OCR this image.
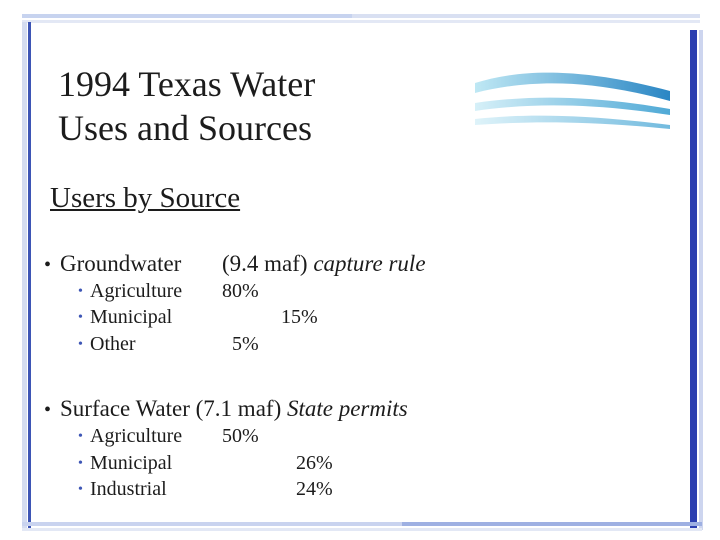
1994 Texas Water
Uses and Sources
Users by Source
• Groundwater (9.4 maf) capture rule
• Agriculture 80%
• Municipal	15%
• Other	5%
• Surface Water (7.1 maf) State permits
• Agriculture 50%
• Municipal	26%
• Industrial	24%
